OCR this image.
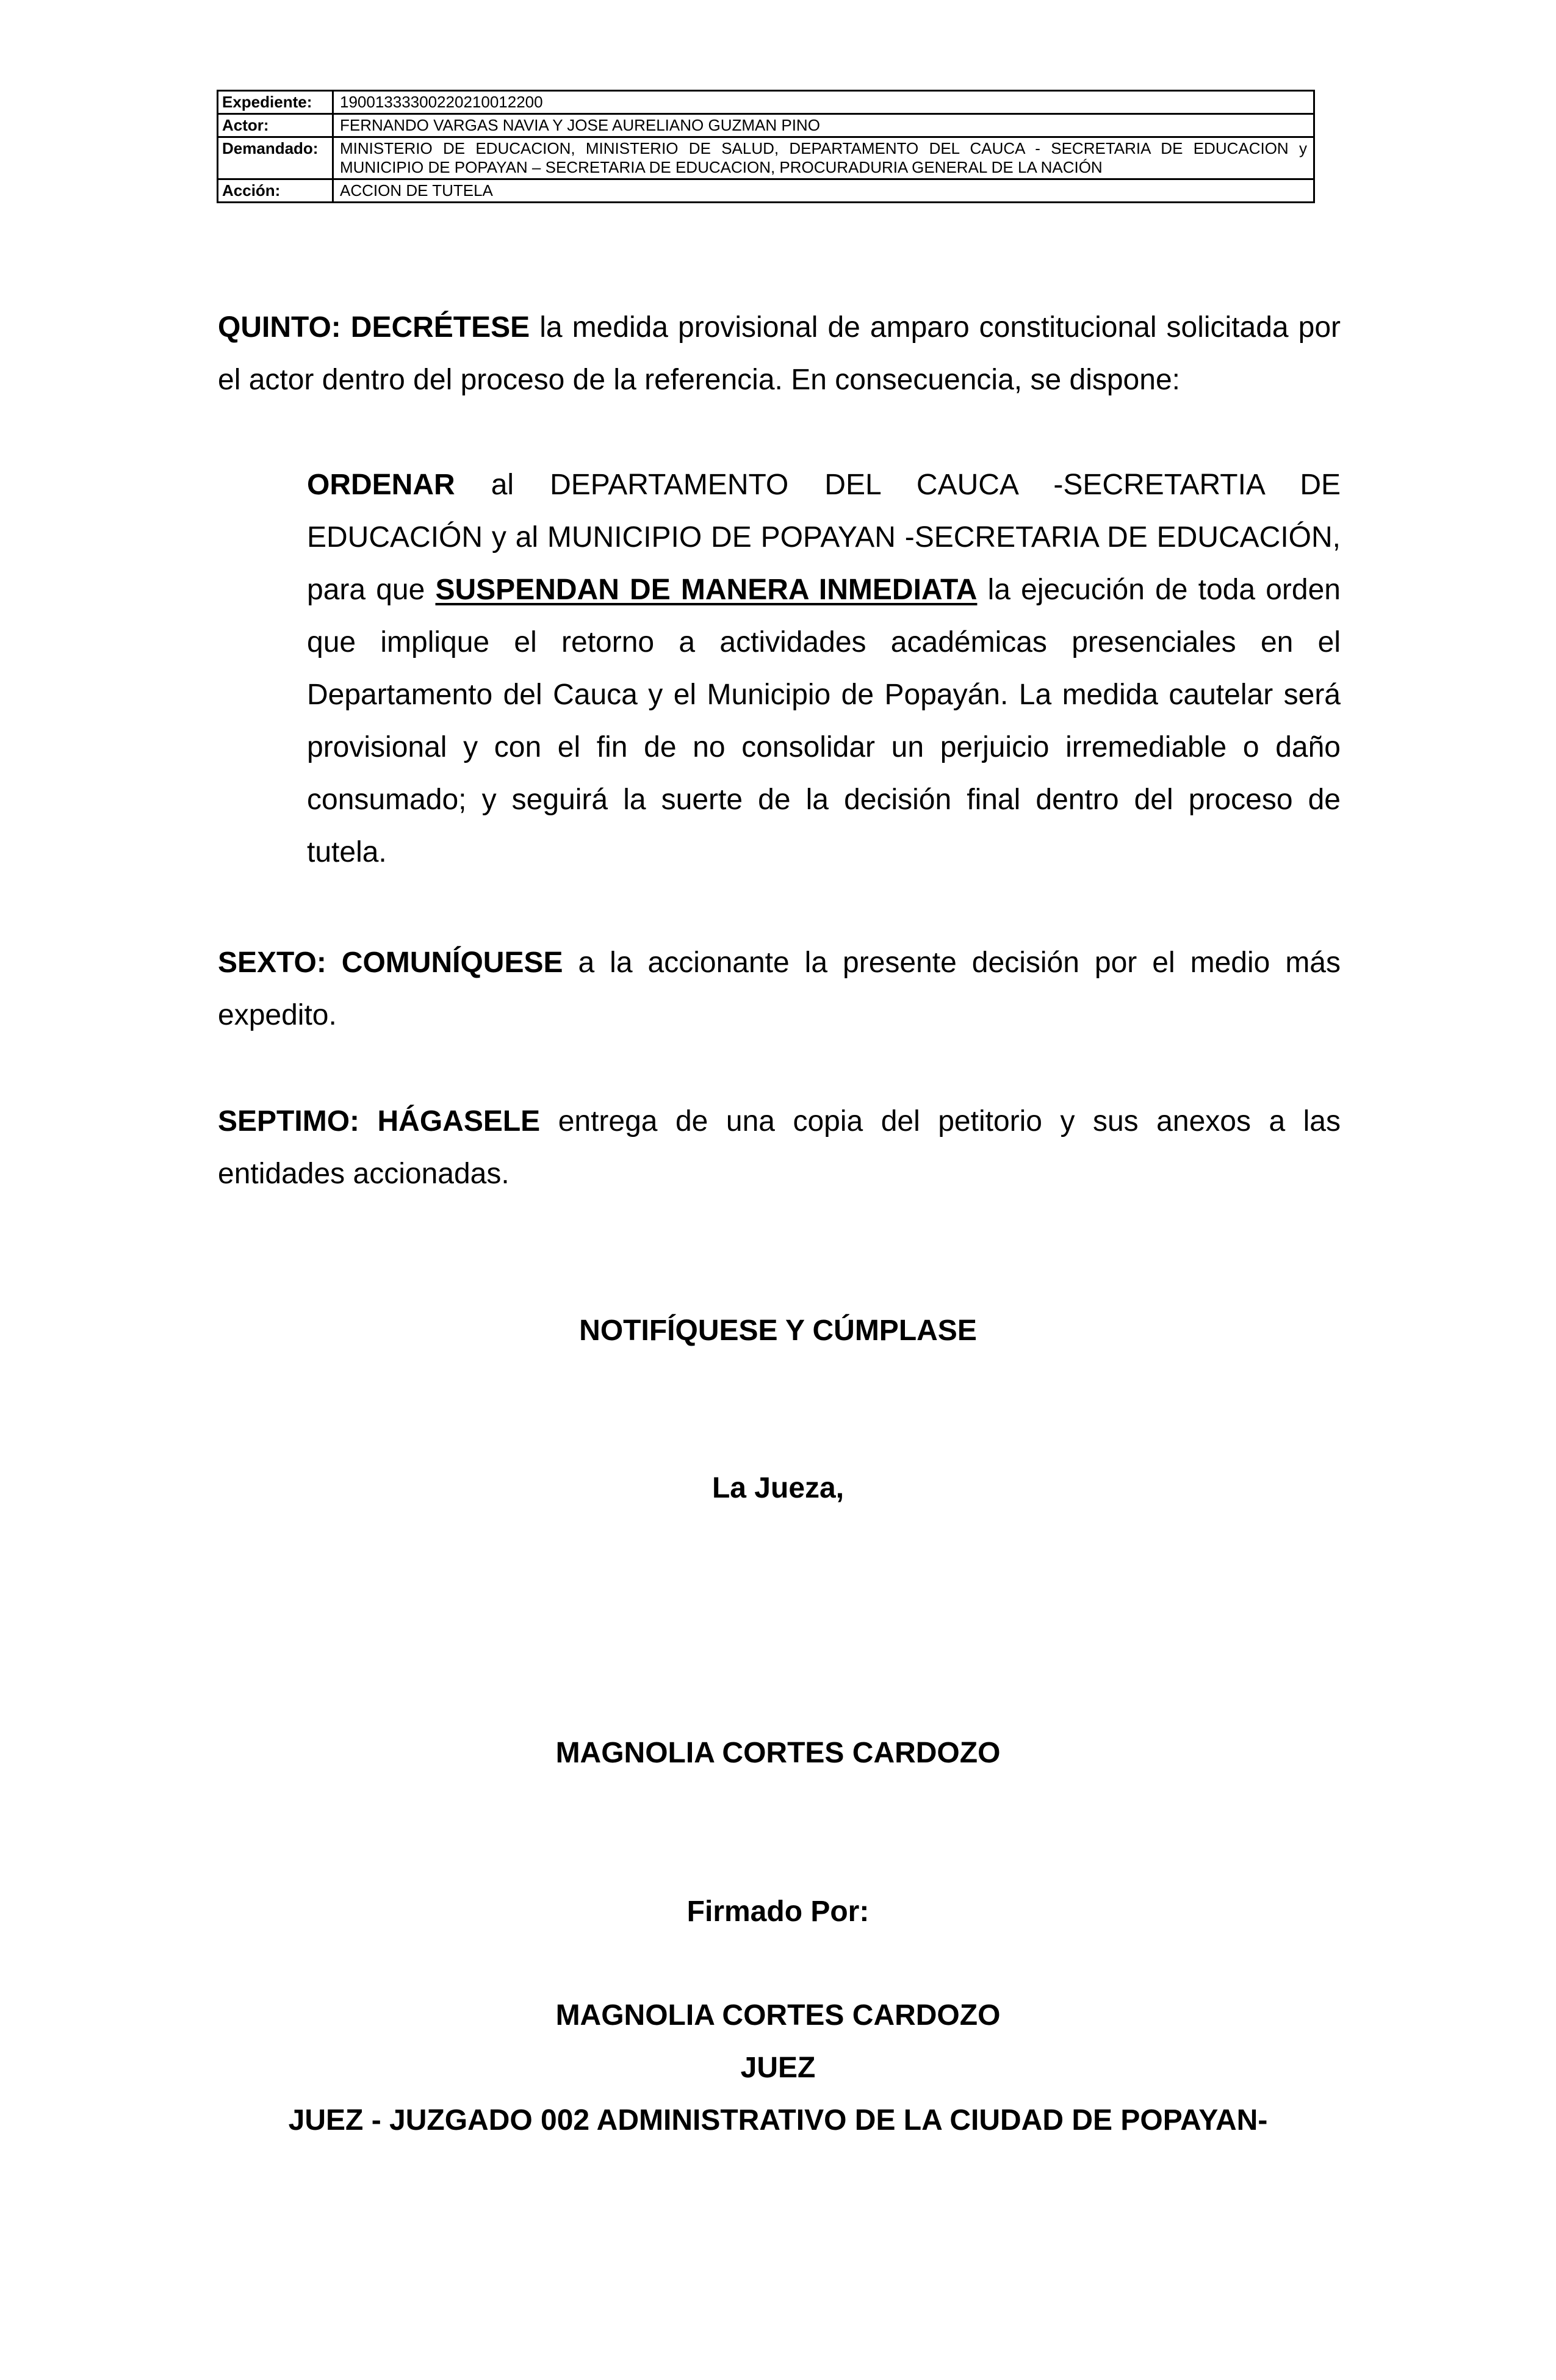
Expediente:	19001333300220210012200
Actor:	FERNANDO VARGAS NAVIA Y JOSE AURELIANO GUZMAN PINO
Demandado:	MINISTERIO DE EDUCACION, MINISTERIO DE SALUD, DEPARTAMENTO DEL CAUCA - SECRETARIA DE EDUCACION y MUNICIPIO DE POPAYAN – SECRETARIA DE EDUCACION, PROCURADURIA GENERAL DE LA NACIÓN
Acción:	ACCION DE TUTELA

QUINTO: DECRÉTESE la medida provisional de amparo constitucional solicitada por el actor dentro del proceso de la referencia. En consecuencia, se dispone:

ORDENAR al DEPARTAMENTO DEL CAUCA -SECRETARTIA DE EDUCACIÓN y al MUNICIPIO DE POPAYAN -SECRETARIA DE EDUCACIÓN, para que SUSPENDAN DE MANERA INMEDIATA la ejecución de toda orden que implique el retorno a actividades académicas presenciales en el Departamento del Cauca y el Municipio de Popayán. La medida cautelar será provisional y con el fin de no consolidar un perjuicio irremediable o daño consumado; y seguirá la suerte de la decisión final dentro del proceso de tutela.

SEXTO: COMUNÍQUESE a la accionante la presente decisión por el medio más expedito.

SEPTIMO: HÁGASELE entrega de una copia del petitorio y sus anexos a las entidades accionadas.

NOTIFÍQUESE Y CÚMPLASE

La Jueza,

MAGNOLIA CORTES CARDOZO

Firmado Por:

MAGNOLIA CORTES CARDOZO

JUEZ

JUEZ - JUZGADO 002 ADMINISTRATIVO DE LA CIUDAD DE POPAYAN-
